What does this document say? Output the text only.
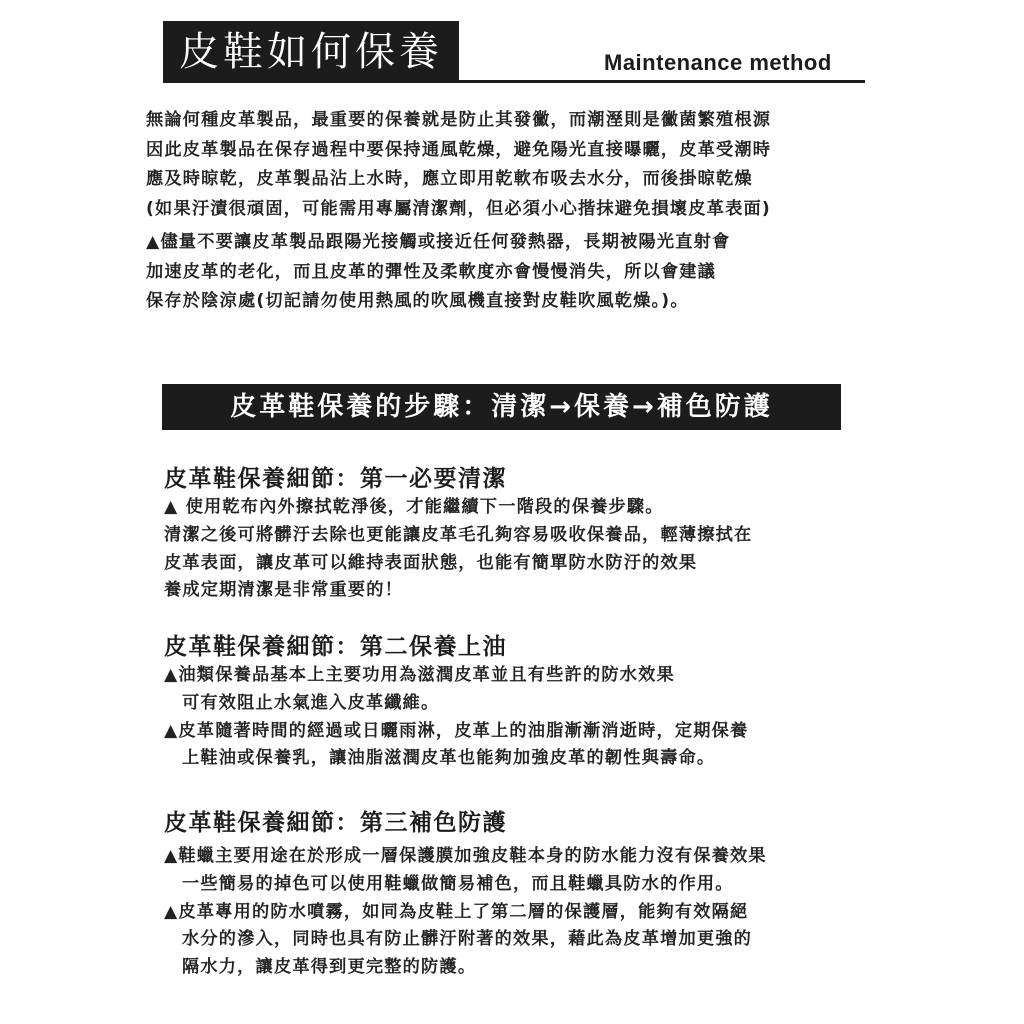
皮鞋如何保養	Maintenance method

無論何種皮革製品，最重要的保養就是防止其發黴，而潮溼則是黴菌繁殖根源
因此皮革製品在保存過程中要保持通風乾燥，避免陽光直接曝曬，皮革受潮時
應及時晾乾，皮革製品沾上水時，應立即用乾軟布吸去水分，而後掛晾乾燥
(如果汙漬很頑固，可能需用專屬清潔劑，但必須小心揩抹避免損壞皮革表面)

▲儘量不要讓皮革製品跟陽光接觸或接近任何發熱器，長期被陽光直射會
加速皮革的老化，而且皮革的彈性及柔軟度亦會慢慢消失，所以會建議
保存於陰涼處(切記請勿使用熱風的吹風機直接對皮鞋吹風乾燥。)。

皮革鞋保養的步驟：清潔→保養→補色防護
皮革鞋保養細節：第一必要清潔

▲ 使用乾布內外擦拭乾淨後，才能繼續下一階段的保養步驟。
清潔之後可將髒汙去除也更能讓皮革毛孔夠容易吸收保養品，輕薄擦拭在
皮革表面，讓皮革可以維持表面狀態，也能有簡單防水防汙的效果
養成定期清潔是非常重要的！

皮革鞋保養細節：第二保養上油

▲油類保養品基本上主要功用為滋潤皮革並且有些許的防水效果
可有效阻止水氣進入皮革纖維。
▲皮革隨著時間的經過或日曬雨淋，皮革上的油脂漸漸消逝時，定期保養
上鞋油或保養乳，讓油脂滋潤皮革也能夠加強皮革的韌性與壽命。

皮革鞋保養細節：第三補色防護

▲鞋蠟主要用途在於形成一層保護膜加強皮鞋本身的防水能力沒有保養效果
一些簡易的掉色可以使用鞋蠟做簡易補色，而且鞋蠟具防水的作用。
▲皮革專用的防水噴霧，如同為皮鞋上了第二層的保護層，能夠有效隔絕
水分的滲入，同時也具有防止髒汙附著的效果，藉此為皮革增加更強的
隔水力，讓皮革得到更完整的防護。
